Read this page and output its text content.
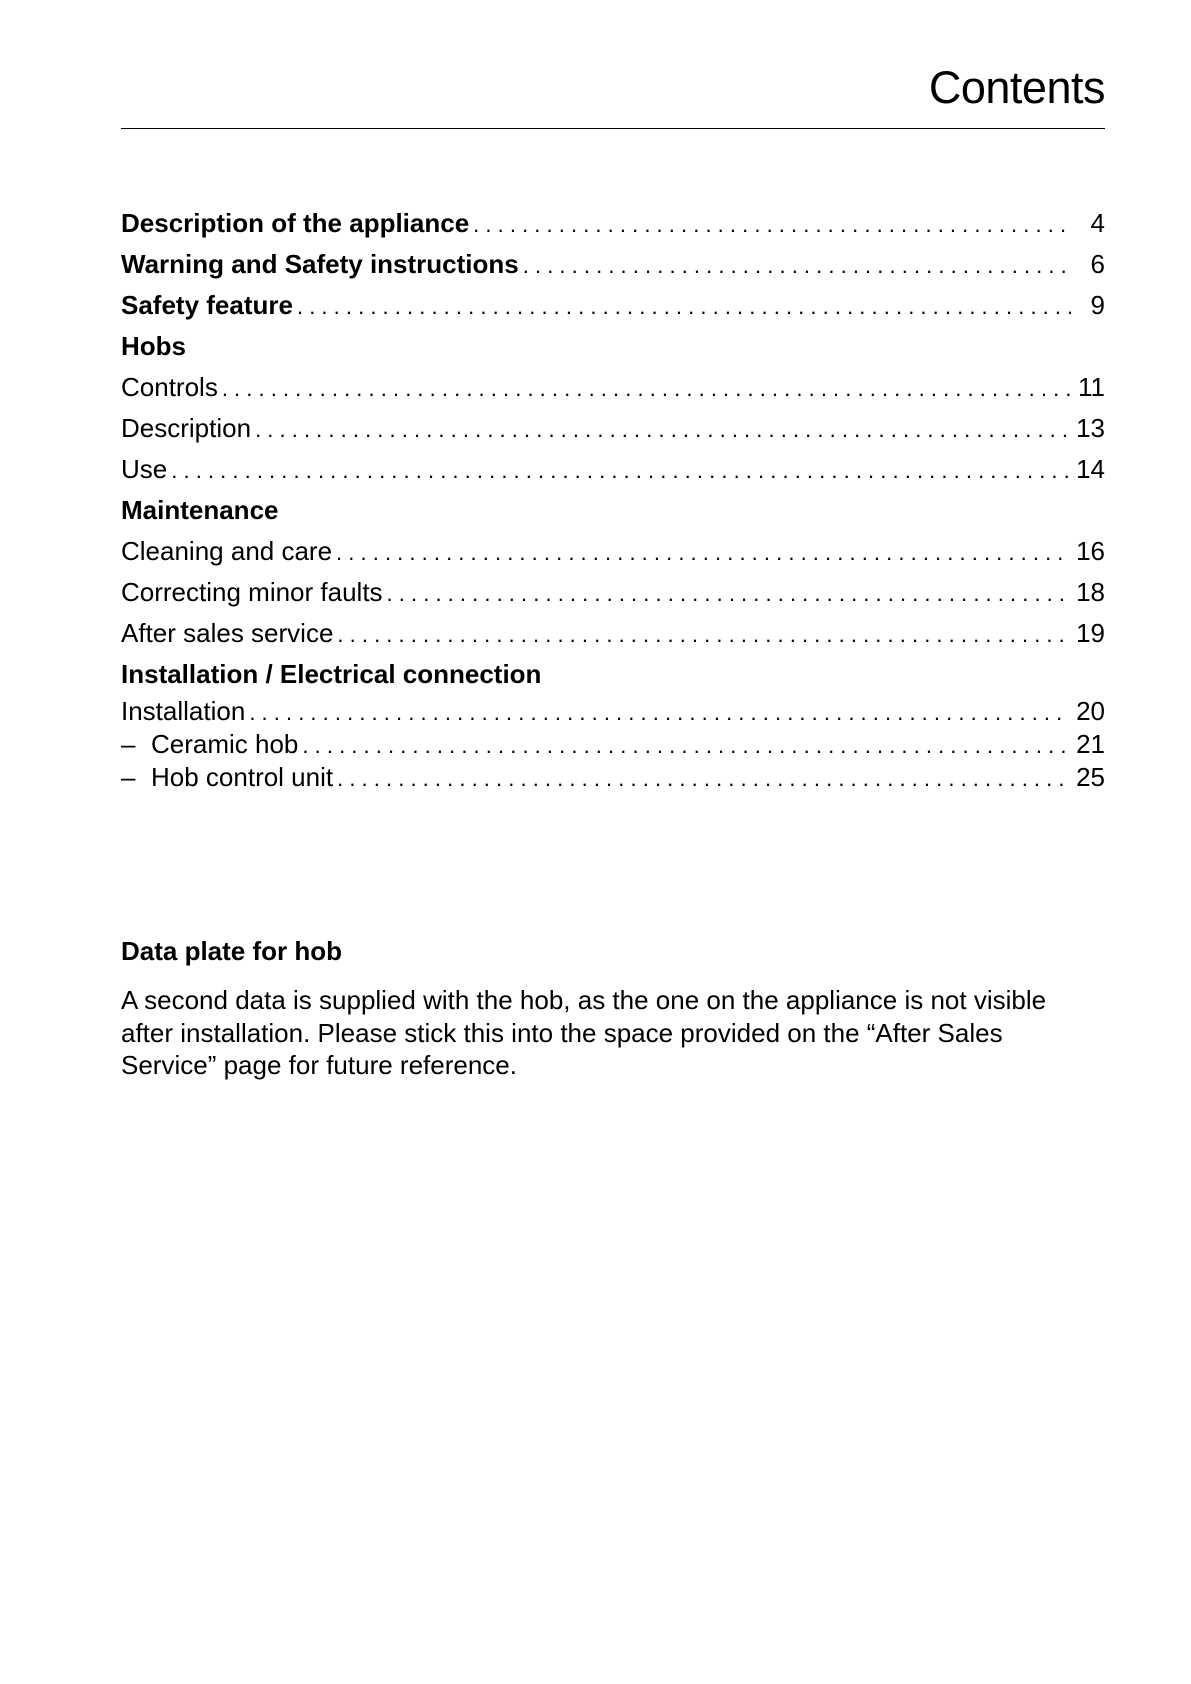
Contents
Description of the appliance . . .	4
Warning and Safety instructions . . .	6
Safety feature . . .	9
Hobs
Controls . . .	11
Description . . .	13
Use . . .	14
Maintenance
Cleaning and care . . .	16
Correcting minor faults . . .	18
After sales service . . .	19
Installation / Electrical connection
Installation . . .	20
– Ceramic hob . . .	21
– Hob control unit . . .	25
Data plate for hob

A second data is supplied with the hob, as the one on the appliance is not visible after installation. Please stick this into the space provided on the “After Sales Service” page for future reference.
